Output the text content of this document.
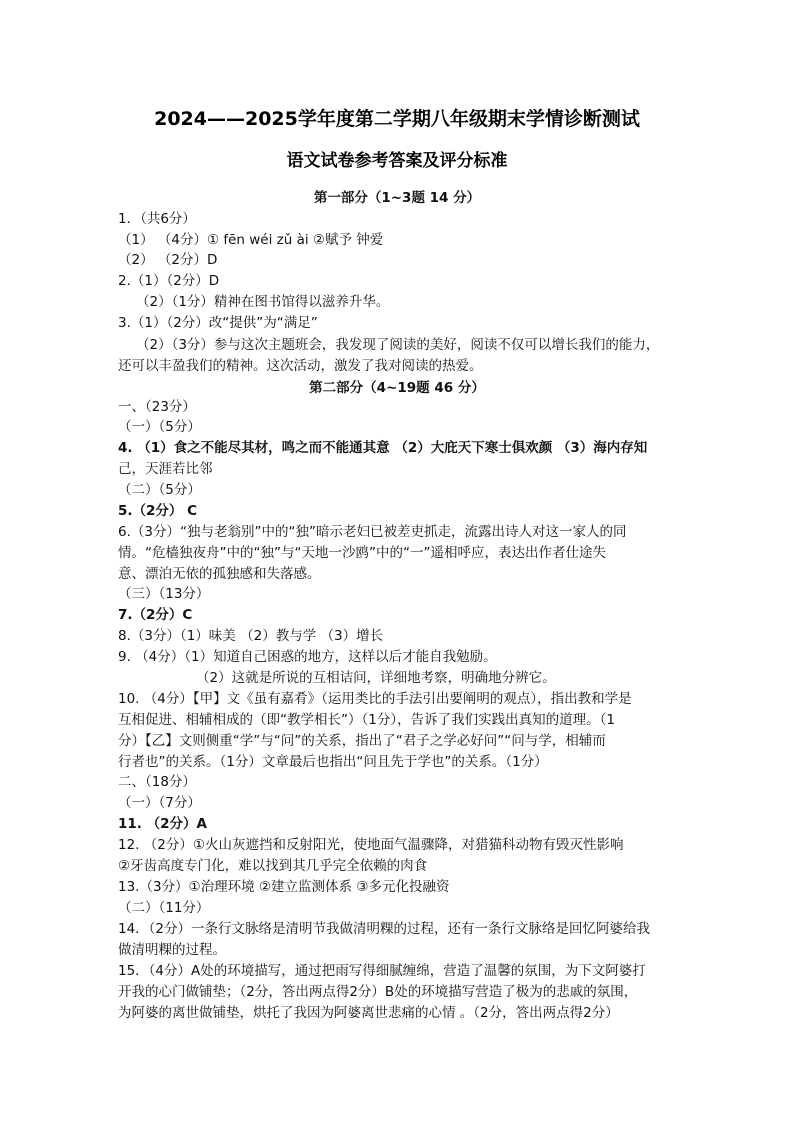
2024——2025学年度第二学期八年级期末学情诊断测试
语文试卷参考答案及评分标准
第一部分（1~3题 14 分）
1．（共6分）
（1） （4分）① fēn wéi zǔ ài ②赋予 钟爱
（2） （2分）D
2.（1）（2分）D
（2）（1分）精神在图书馆得以滋养升华。
3.（1）（2分）改“提供”为“满足”
（2）（3分）参与这次主题班会，我发现了阅读的美好，阅读不仅可以增长我们的能力，
还可以丰盈我们的精神。这次活动，激发了我对阅读的热爱。
第二部分（4~19题 46 分）
一、（23分）
（一）（5分）
4. （1）食之不能尽其材，鸣之而不能通其意 （2）大庇天下寒士俱欢颜 （3）海内存知
己，天涯若比邻
（二）（5分）
5.（2分） C
6.（3分）“独与老翁别”中的“独”暗示老妇已被差吏抓走，流露出诗人对这一家人的同
情。“危樯独夜舟”中的“独”与“天地一沙鸥”中的“一”遥相呼应，表达出作者仕途失
意、漂泊无依的孤独感和失落感。
（三）（13分）
7.（2分）C
8.（3分）（1）味美 （2）教与学 （3）增长
9. （4分）（1）知道自己困惑的地方，这样以后才能自我勉励。
（2）这就是所说的互相诘问，详细地考察，明确地分辨它。
10. （4分）【甲】文《虽有嘉肴》（运用类比的手法引出要阐明的观点），指出教和学是
互相促进、相辅相成的（即“教学相长”）（1分），告诉了我们实践出真知的道理。（1
分）【乙】文则侧重“学”与“问”的关系，指出了“君子之学必好问”“问与学，相辅而
行者也”的关系。（1分）文章最后也指出“问且先于学也”的关系。（1分）
二、（18分）
（一）（7分）
11. （2分）A
12. （2分）①火山灰遮挡和反射阳光，使地面气温骤降，对猎猫科动物有毁灭性影响
②牙齿高度专门化，难以找到其几乎完全依赖的肉食
13.（3分）①治理环境 ②建立监测体系 ③多元化投融资
（二）（11分）
14．（2分）一条行文脉络是清明节我做清明粿的过程，还有一条行文脉络是回忆阿婆给我
做清明粿的过程。
15．（4分）A处的环境描写，通过把雨写得细腻缠绵，营造了温馨的氛围，为下文阿婆打
开我的心门做铺垫；（2分，答出两点得2分）B处的环境描写营造了极为的悲戚的氛围，
为阿婆的离世做铺垫，烘托了我因为阿婆离世悲痛的心情 。（2分，答出两点得2分）
